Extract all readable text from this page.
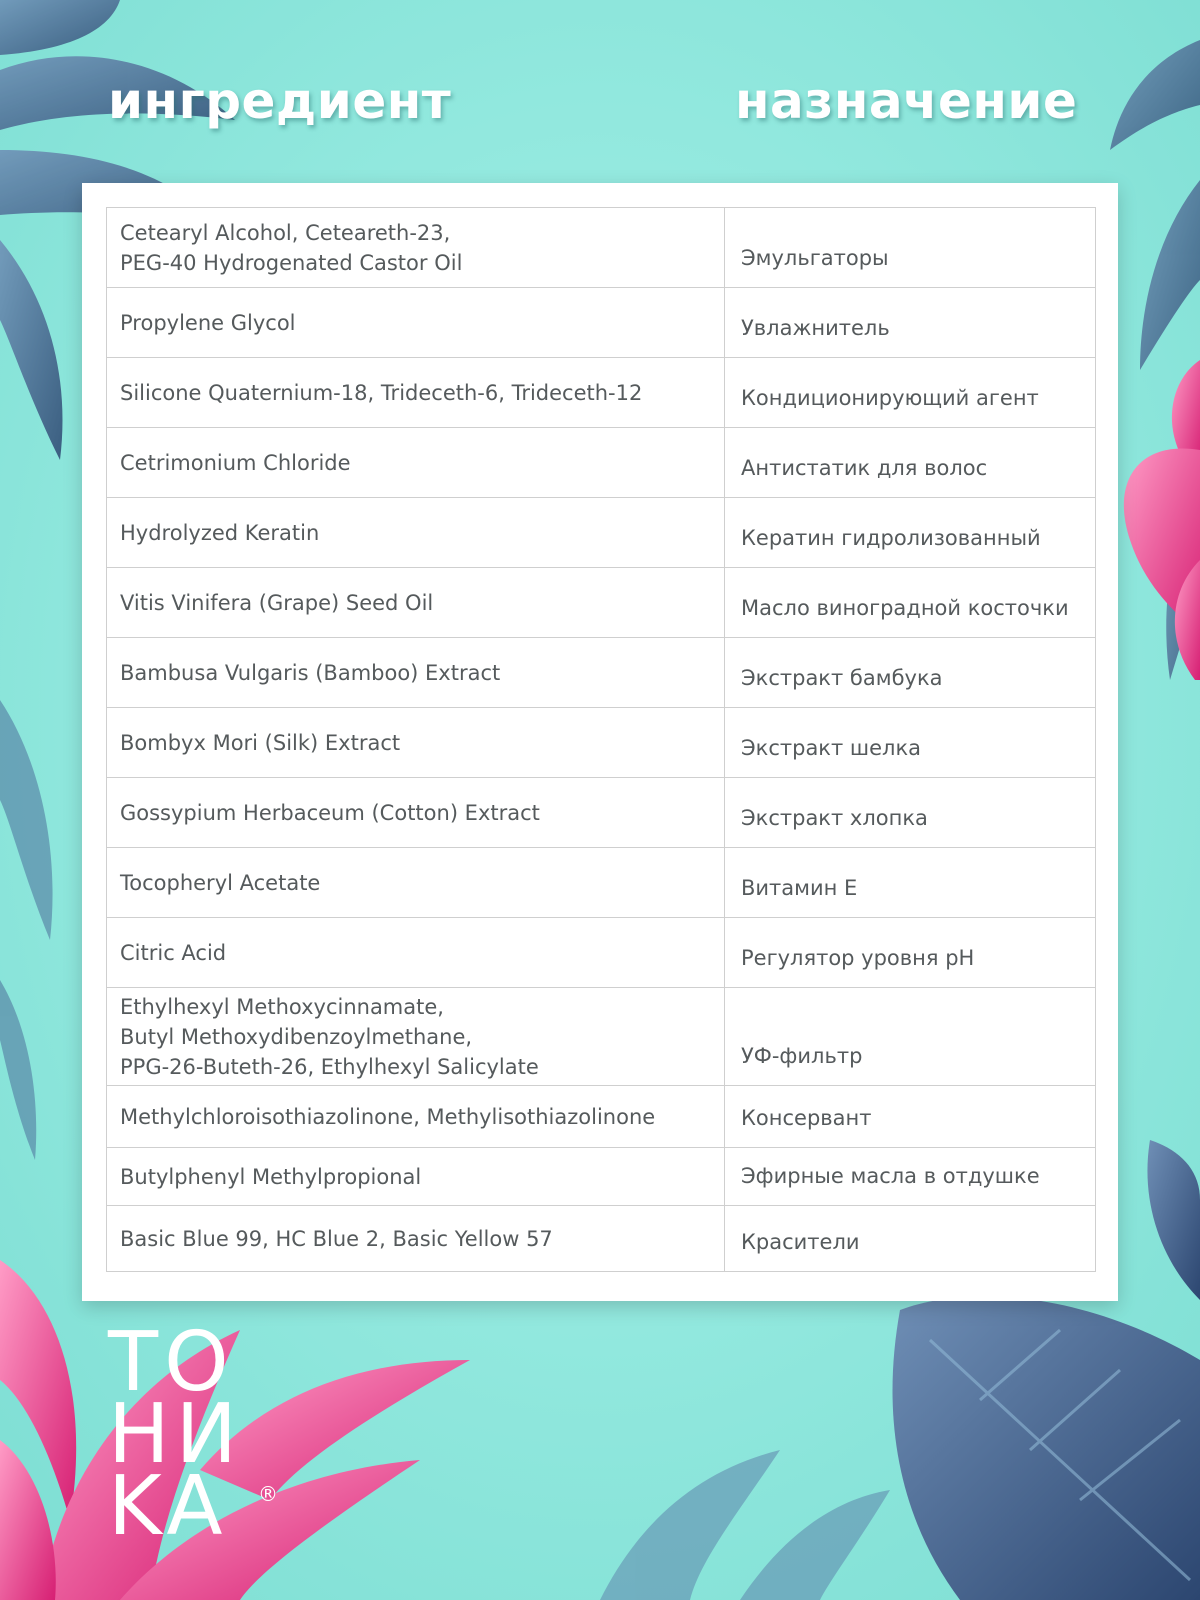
ингредиент	назначение
Cetearyl Alcohol, Ceteareth-23,
PEG-40 Hydrogenated Castor Oil	Эмульгаторы

Propylene Glycol	Увлажнитель

Silicone Quaternium-18, Trideceth-6, Trideceth-12	Кондиционирующий агент

Cetrimonium Chloride	Антистатик для волос

Hydrolyzed Keratin	Кератин гидролизованный

Vitis Vinifera (Grape) Seed Oil	Масло виноградной косточки

Bambusa Vulgaris (Bamboo) Extract	Экстракт бамбука

Bombyx Mori (Silk) Extract	Экстракт шелка

Gossypium Herbaceum (Cotton) Extract	Экстракт хлопка

Tocopheryl Acetate	Витамин Е

Citric Acid	Регулятор уровня pH

Ethylhexyl Methoxycinnamate,
Butyl Methoxydibenzoylmethane,
PPG-26-Buteth-26, Ethylhexyl Salicylate	УФ-фильтр

Methylchloroisothiazolinone, Methylisothiazolinone	Консервант

Butylphenyl Methylpropional	Эфирные масла в отдушке

Basic Blue 99, HC Blue 2, Basic Yellow 57	Красители

TO

HИ

KA ®
